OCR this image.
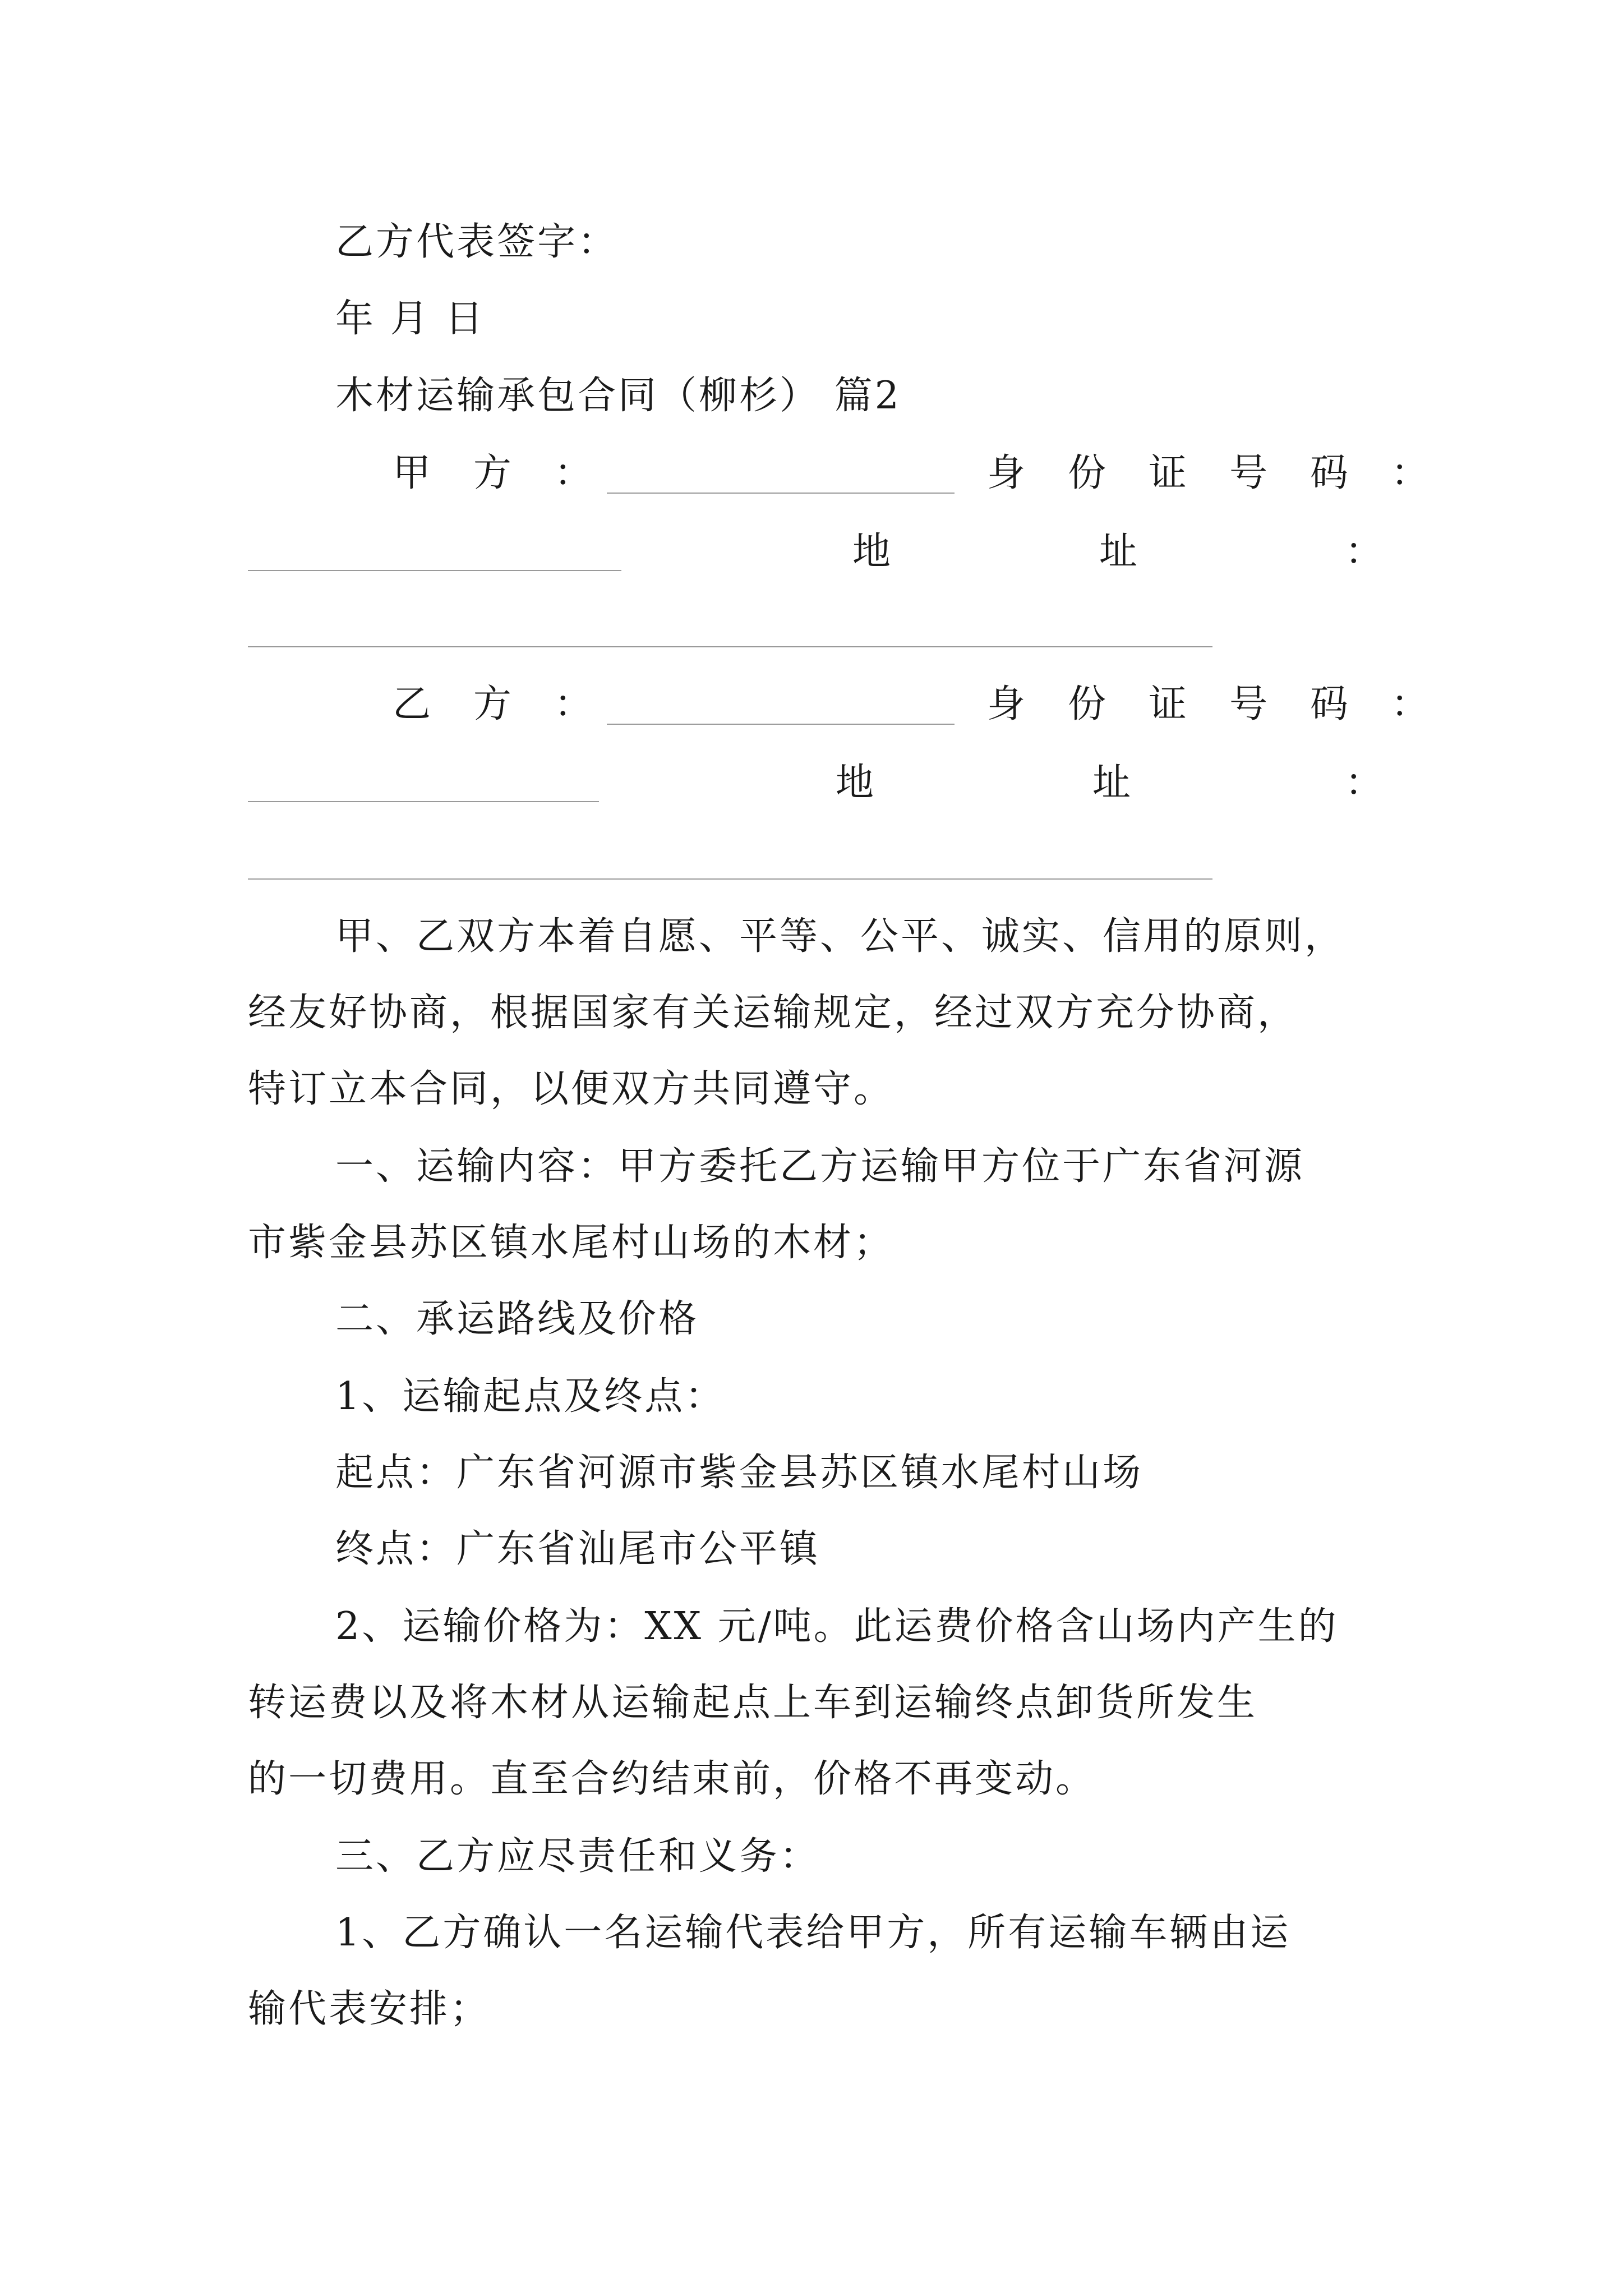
乙方代表签字：
年 月 日
木材运输承包合同（柳杉） 篇2
甲　方　：	身　份　证　号　码　：
地	址	：
乙　方　：	身　份　证　号　码　：
地	址	：
甲、乙双方本着自愿、平等、公平、诚实、信用的原则，
经友好协商，根据国家有关运输规定，经过双方充分协商，
特订立本合同，以便双方共同遵守。
一、运输内容：甲方委托乙方运输甲方位于广东省河源
市紫金县苏区镇水尾村山场的木材；
二、承运路线及价格
1、运输起点及终点：
起点：广东省河源市紫金县苏区镇水尾村山场
终点：广东省汕尾市公平镇
2、运输价格为：XX 元/吨。此运费价格含山场内产生的
转运费以及将木材从运输起点上车到运输终点卸货所发生
的一切费用。直至合约结束前，价格不再变动。
三、乙方应尽责任和义务：
1、乙方确认一名运输代表给甲方，所有运输车辆由运
输代表安排；
